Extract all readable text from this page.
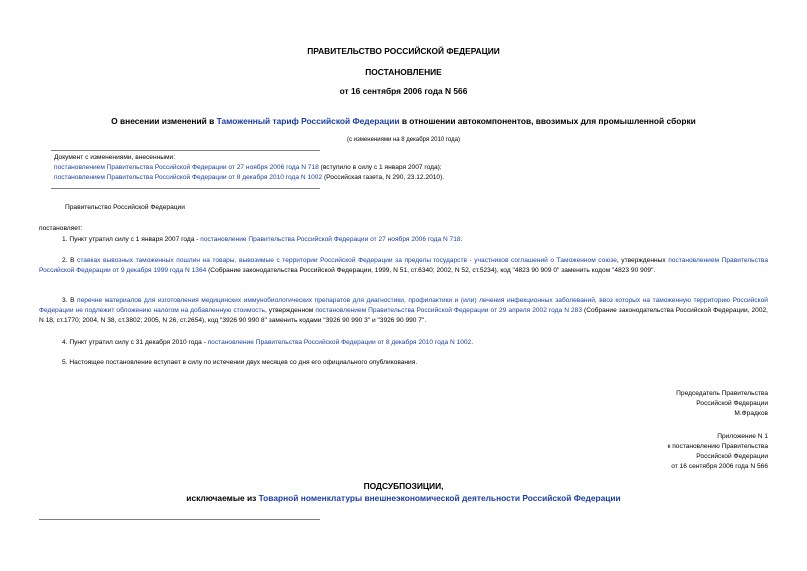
ПРАВИТЕЛЬСТВО РОССИЙСКОЙ ФЕДЕРАЦИИ
ПОСТАНОВЛЕНИЕ
от 16 сентября 2006 года N 566
О внесении изменений в Таможенный тариф Российской Федерации в отношении автокомпонентов, ввозимых для промышленной сборки
(с изменениями на 8 декабря 2010 года)
Документ с изменениями, внесенными:
постановлением Правительства Российской Федерации от 27 ноября 2006 года N 718 (вступило в силу с 1 января 2007 года);
постановлением Правительства Российской Федерации от 8 декабря 2010 года N 1002 (Российская газета, N 290, 23.12.2010).
Правительство Российской Федерации
постановляет:
1. Пункт утратил силу с 1 января 2007 года - постановление Правительства Российской Федерации от 27 ноября 2006 года N 718.
2. В ставках вывозных таможенных пошлин на товары, вывозимые с территории Российской Федерации за пределы государств - участников соглашений о Таможенном союзе, утвержденных постановлением Правительства Российской Федерации от 9 декабря 1999 года N 1364 (Собрание законодательства Российской Федерации, 1999, N 51, ст.6340; 2002, N 52, ст.5234), код "4823 90 909 0" заменить кодом "4823 90 909".
3. В перечне материалов для изготовления медицинских иммунобиологических препаратов для диагностики, профилактики и (или) лечения инфекционных заболеваний, ввоз которых на таможенную территорию Российской Федерации не подлежит обложению налогом на добавленную стоимость, утвержденном постановлением Правительства Российской Федерации от 29 апреля 2002 года N 283 (Собрание законодательства Российской Федерации, 2002, N 18, ст.1770; 2004, N 38, ст.3802; 2005, N 26, ст.2654), код "3926 90 990 8" заменить кодами "3926 90 990 3" и "3926 90 990 7".
4. Пункт утратил силу с 31 декабря 2010 года - постановление Правительства Российской Федерации от 8 декабря 2010 года N 1002.
5. Настоящее постановление вступает в силу по истечении двух месяцев со дня его официального опубликования.
Председатель Правительства
Российской Федерации
М.Фрадков
Приложение N 1
к постановлению Правительства
Российской Федерации
от 16 сентября 2006 года N 566
ПОДСУБПОЗИЦИИ,
исключаемые из Товарной номенклатуры внешнеэкономической деятельности Российской Федерации
